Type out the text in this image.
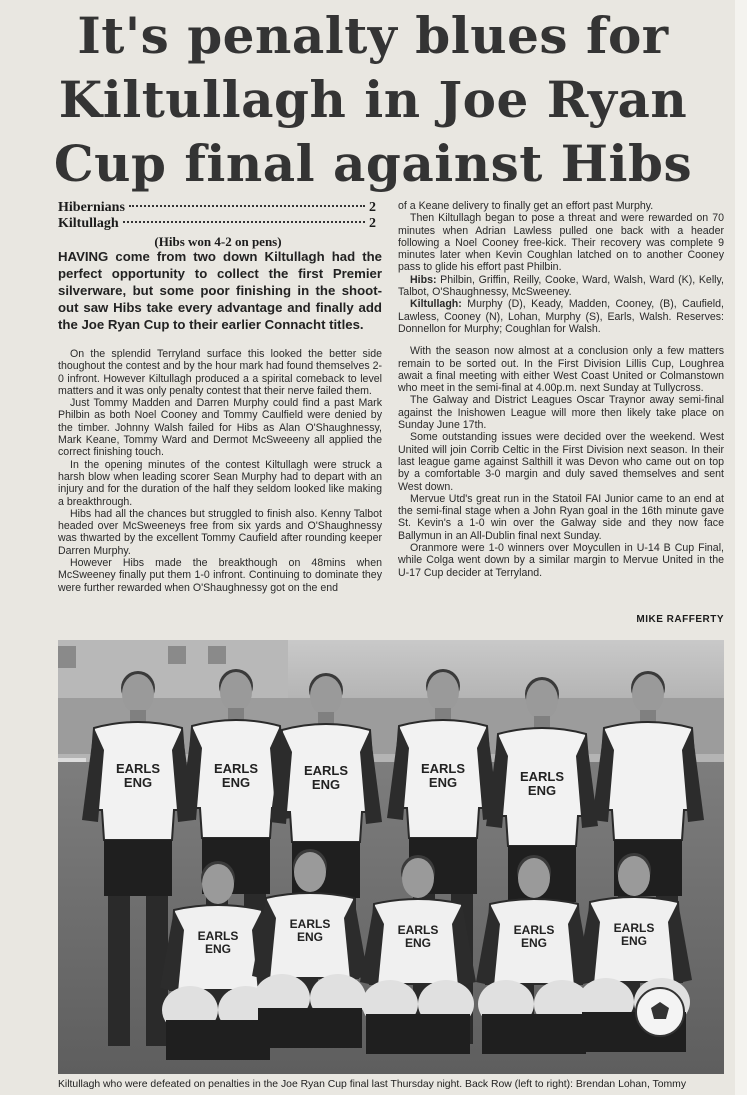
It's penalty blues for
Kiltullagh in Joe Ryan
Cup final against Hibs
Hibernians	2
Kiltullagh	2
(Hibs won 4-2 on pens)

HAVING come from two down Kiltullagh had the perfect opportunity to collect the first Premier silverware, but some poor finishing in the shoot-out saw Hibs take every advantage and finally add the Joe Ryan Cup to their earlier Connacht titles.

On the splendid Terryland surface this looked the better side thoughout the contest and by the hour mark had found themselves 2-0 infront. However Kiltullagh produced a a spirital comeback to level matters and it was only penalty contest that their nerve failed them.

Just Tommy Madden and Darren Murphy could find a past Mark Philbin as both Noel Cooney and Tommy Caulfield were denied by the timber. Johnny Walsh failed for Hibs as Alan O'Shaughnessy, Mark Keane, Tommy Ward and Dermot McSweeeny all applied the correct finishing touch.

In the opening minutes of the contest Kiltullagh were struck a harsh blow when leading scorer Sean Murphy had to depart with an injury and for the duration of the half they seldom looked like making a breakthrough.

Hibs had all the chances but struggled to finish also. Kenny Talbot headed over McSweeneys free from six yards and O'Shaughnessy was thwarted by the excellent Tommy Caufield after rounding keeper Darren Murphy.

However Hibs made the breakthough on 48mins when McSweeney finally put them 1-0 infront. Continuing to dominate they were further rewarded when O'Shaughnessy got on the end

of a Keane delivery to finally get an effort past Murphy.

Then Kiltullagh began to pose a threat and were rewarded on 70 minutes when Adrian Lawless pulled one back with a header following a Noel Cooney free-kick. Their recovery was complete 9 minutes later when Kevin Coughlan latched on to another Cooney pass to glide his effort past Philbin.

Hibs: Philbin, Griffin, Reilly, Cooke, Ward, Walsh, Ward (K), Kelly, Talbot, O'Shaughnessy, McSweeney.

Kiltullagh: Murphy (D), Keady, Madden, Cooney, (B), Caufield, Lawless, Cooney (N), Lohan, Murphy (S), Earls, Walsh. Reserves: Donnellon for Murphy; Coughlan for Walsh.

With the season now almost at a conclusion only a few matters remain to be sorted out. In the First Division Lillis Cup, Loughrea await a final meeting with either West Coast United or Colmanstown who meet in the semi-final at 4.00p.m. next Sunday at Tullycross.

The Galway and District Leagues Oscar Traynor away semi-final against the Inishowen League will more then likely take place on Sunday June 17th.

Some outstanding issues were decided over the weekend. West United will join Corrib Celtic in the First Division next season. In their last league game against Salthill it was Devon who came out on top by a comfortable 3-0 margin and duly saved themselves and sent West down.

Mervue Utd's great run in the Statoil FAI Junior came to an end at the semi-final stage when a John Ryan goal in the 16th minute gave St. Kevin's a 1-0 win over the Galway side and they now face Ballymun in an All-Dublin final next Sunday.

Oranmore were 1-0 winners over Moycullen in U-14 B Cup Final, while Colga went down by a similar margin to Mervue United in the U-17 Cup decider at Terryland.

MIKE RAFFERTY
EARLS
ENG
EARLS
ENG
EARLS
ENG
EARLS
ENG	EARLS
ENG
EARLS
ENG
EARLS
ENG	EARLS
ENG
EARLS
ENG
EARLS
ENG
Kiltullagh who were defeated on penalties in the Joe Ryan Cup final last Thursday night. Back Row (left to right): Brendan Lohan, Tommy
